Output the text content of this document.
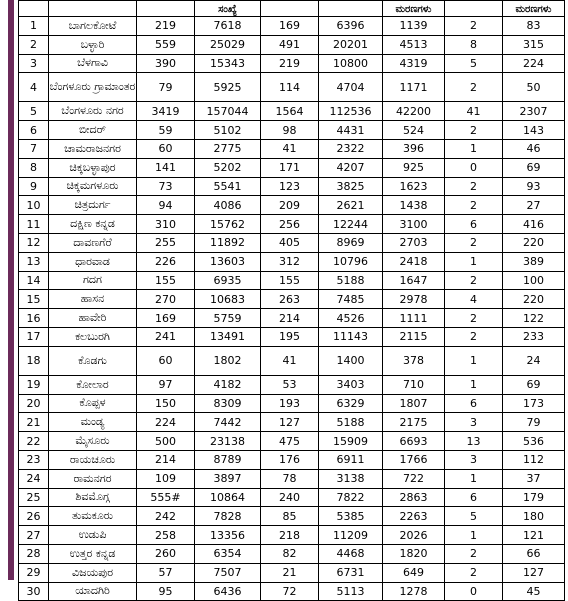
			ಸಂಖ್ಯೆ			ಮರಣಗಳು		ಮರಣಗಳು	
1	ಬಾಗಲಕೋಟೆ	219	7618	169	6396	1139	2	83	
2	ಬಳ್ಳಾರಿ	559	25029	491	20201	4513	8	315	
3	ಬೆಳಗಾವಿ	390	15343	219	10800	4319	5	224	
4	ಬೆಂಗಳೂರು ಗ್ರಾಮಾಂತರ	79	5925	114	4704	1171	2	50	
5	ಬೆಂಗಳೂರು ನಗರ	3419	157044	1564	112536	42200	41	2307	
6	ಬೀದರ್	59	5102	98	4431	524	2	143	
7	ಚಾಮರಾಜನಗರ	60	2775	41	2322	396	1	46	
8	ಚಿಕ್ಕಬಳ್ಳಾಪುರ	141	5202	171	4207	925	0	69	
9	ಚಿಕ್ಕಮಗಳೂರು	73	5541	123	3825	1623	2	93	
10	ಚಿತ್ರದುರ್ಗ	94	4086	209	2621	1438	2	27	
11	ದಕ್ಷಿಣ ಕನ್ನಡ	310	15762	256	12244	3100	6	416	
12	ದಾವಣಗೆರೆ	255	11892	405	8969	2703	2	220	
13	ಧಾರವಾಡ	226	13603	312	10796	2418	1	389	
14	ಗದಗ	155	6935	155	5188	1647	2	100	
15	ಹಾಸನ	270	10683	263	7485	2978	4	220	
16	ಹಾವೇರಿ	169	5759	214	4526	1111	2	122	
17	ಕಲಬುರಗಿ	241	13491	195	11143	2115	2	233	
18	ಕೊಡಗು	60	1802	41	1400	378	1	24	
19	ಕೋಲಾರ	97	4182	53	3403	710	1	69	
20	ಕೊಪ್ಪಳ	150	8309	193	6329	1807	6	173	
21	ಮಂಡ್ಯ	224	7442	127	5188	2175	3	79	
22	ಮೈಸೂರು	500	23138	475	15909	6693	13	536	
23	ರಾಯಚೂರು	214	8789	176	6911	1766	3	112	
24	ರಾಮನಗರ	109	3897	78	3138	722	1	37	
25	ಶಿವಮೊಗ್ಗ	555#	10864	240	7822	2863	6	179	
26	ತುಮಕೂರು	242	7828	85	5385	2263	5	180	
27	ಉಡುಪಿ	258	13356	218	11209	2026	1	121	
28	ಉತ್ತರ ಕನ್ನಡ	260	6354	82	4468	1820	2	66	
29	ವಿಜಯಪುರ	57	7507	21	6731	649	2	127	
30	ಯಾದಗಿರಿ	95	6436	72	5113	1278	0	45	
